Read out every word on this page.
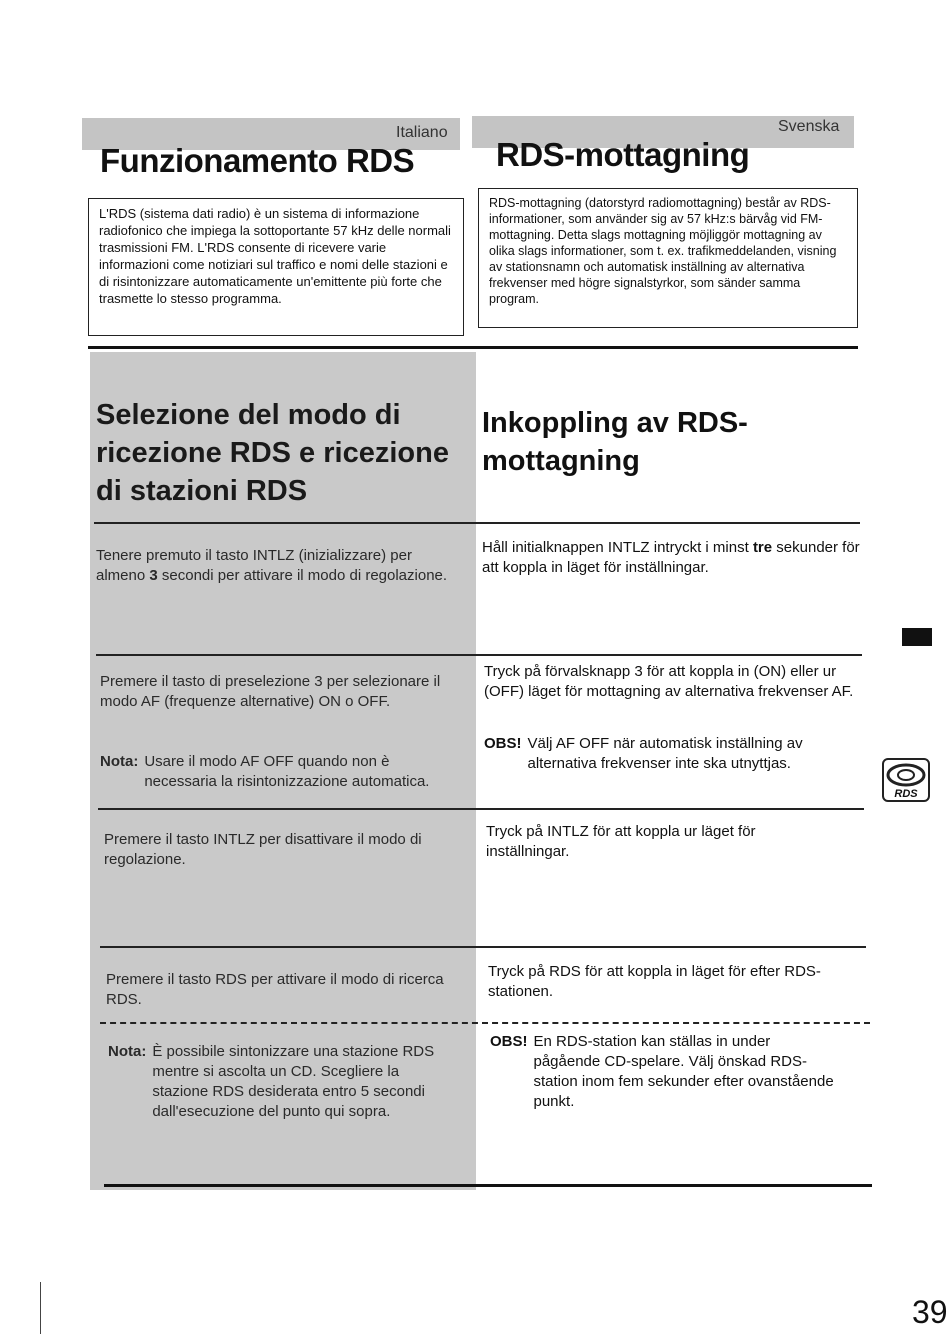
Italiano
Funzionamento RDS
Svenska
RDS-mottagning
L'RDS (sistema dati radio) è un sistema di informazione radiofonico che impiega la sottoportante 57 kHz delle normali trasmissioni FM. L'RDS consente di ricevere varie informazioni come notiziari sul traffico e nomi delle stazioni e di risintonizzare automaticamente un'emittente più forte che trasmette lo stesso programma.
RDS-mottagning (datorstyrd radiomottagning) består av RDS-informationer, som använder sig av 57 kHz:s bärvåg vid FM-mottagning. Detta slags mottagning möjliggör mottagning av olika slags informationer, som t. ex. trafikmeddelanden, visning av stationsnamn och automatisk inställning av alternativa frekvenser med högre signalstyrkor, som sänder samma program.
Selezione del modo di ricezione RDS e ricezione di stazioni RDS
Inkoppling av RDS-mottagning
Tenere premuto il tasto INTLZ (inizializzare) per almeno 3 secondi per attivare il modo di regolazione.
Håll initialknappen INTLZ intryckt i minst tre sekunder för att koppla in läget för inställningar.
Premere il tasto di preselezione 3 per selezionare il modo AF (frequenze alternative) ON o OFF.
Nota: Usare il modo AF OFF quando non è necessaria la risintonizzazione automatica.
Tryck på förvalsknapp 3 för att koppla in (ON) eller ur (OFF) läget för mottagning av alternativa frekvenser AF.
OBS! Välj AF OFF när automatisk inställning av alternativa frekvenser inte ska utnyttjas.
Premere il tasto INTLZ per disattivare il modo di regolazione.
Tryck på INTLZ för att koppla ur läget för inställningar.
Premere il tasto RDS per attivare il modo di ricerca RDS.
Tryck på RDS för att koppla in läget för efter RDS-stationen.
Nota: È possibile sintonizzare una stazione RDS mentre si ascolta un CD. Scegliere la stazione RDS desiderata entro 5 secondi dall'esecuzione del punto qui sopra.
OBS! En RDS-station kan ställas in under pågående CD-spelare. Välj önskad RDS-station inom fem sekunder efter ovanstående punkt.
RDS
39
